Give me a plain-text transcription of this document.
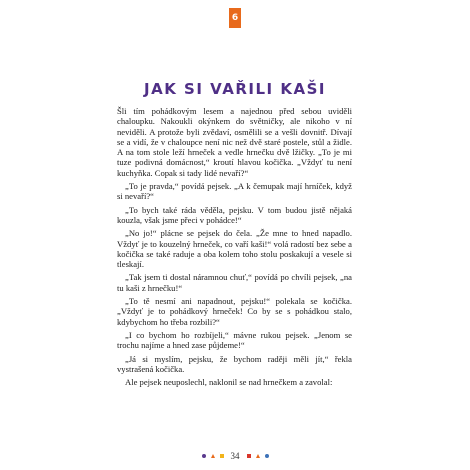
6
JAK SI VAŘILI KAŠI

Šli tím pohádkovým lesem a najednou před sebou uviděli chaloupku. Nakoukli okýnkem do světničky, ale nikoho v ní neviděli. A protože byli zvědaví, osmělili se a vešli dovnitř. Dívají se a vidí, že v chaloupce není nic než dvě staré postele, stůl a židle. A na tom stole leží hrneček a vedle hrnečku dvě lžičky. „To je mi tuze podivná domácnost,“ kroutí hlavou kočička. „Vždyť tu není kuchyňka. Copak si tady lidé nevaří?“

„To je pravda,“ povídá pejsek. „A k čemupak mají hrníček, když si nevaří?“

„To bych také ráda věděla, pejsku. V tom budou jistě nějaká kouzla, však jsme přeci v pohádce!“

„No jo!“ plácne se pejsek do čela. „Že mne to hned napadlo. Vždyť je to kouzelný hrneček, co vaří kaši!“ volá radostí bez sebe a kočička se také raduje a oba kolem toho stolu poskakují a vesele si tleskají.

„Tak jsem ti dostal náramnou chuť,“ povídá po chvíli pejsek, „na tu kaši z hrnečku!“

„To tě nesmí ani napadnout, pejsku!“ polekala se kočička. „Vždyť je to pohádkový hrneček! Co by se s pohádkou stalo, kdybychom ho třeba rozbili?“

„I co bychom ho rozbíjeli,“ mávne rukou pejsek. „Jenom se trochu najíme a hned zase půjdeme!“

„Já si myslím, pejsku, že bychom raději měli jít,“ řekla vystrašená kočička.

Ale pejsek neuposlechl, naklonil se nad hrnečkem a zavolal:

34
